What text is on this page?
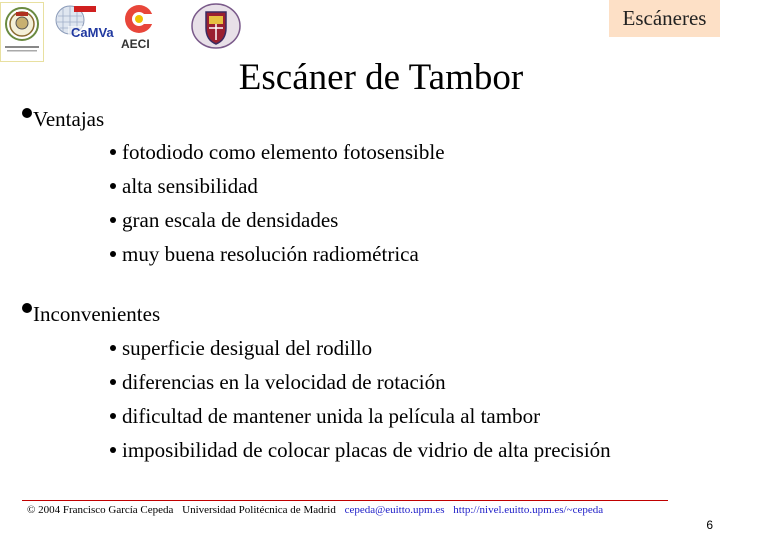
CaMVa
AECI
Escáneres
Escáner de Tambor
Ventajas
fotodiodo como elemento fotosensible
alta sensibilidad
gran escala de densidades
muy buena resolución radiométrica
Inconvenientes
superficie desigual del rodillo
diferencias en la velocidad de rotación
dificultad de mantener unida la película al tambor
imposibilidad de colocar placas de vidrio de alta precisión
© 2004 Francisco García Cepeda Universidad Politécnica de Madrid cepeda@euitto.upm.es http://nivel.euitto.upm.es/~cepeda
6
